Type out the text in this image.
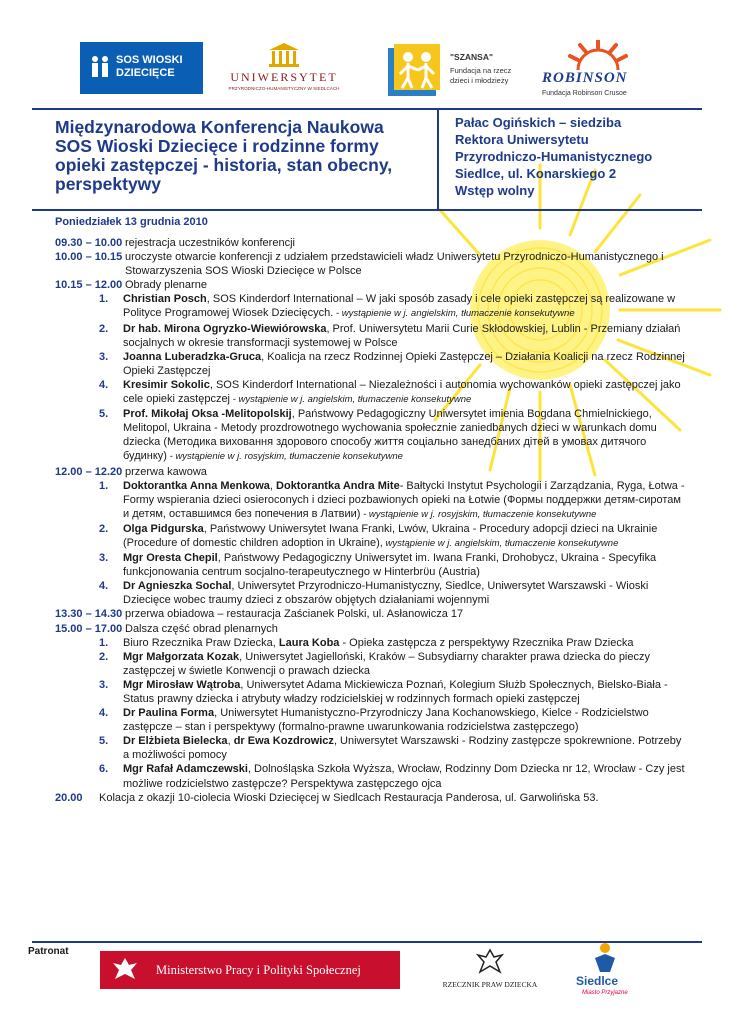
SOS WIOSKI DZIECIĘCE	UNIWERSYTET
PRZYRODNICZO-HUMANISTYCZNY W SIEDLCACH
"SZANSA"
Fundacja na rzecz dzieci i młodzieży	ROBINSON
Fundacja Robinson Crusoe
Międzynarodowa Konferencja Naukowa SOS Wioski Dziecięce i rodzinne formy opieki zastępczej - historia, stan obecny, perspektywy
Pałac Ogińskich – siedziba
Rektora Uniwersytetu
Przyrodniczo-Humanistycznego
Siedlce, ul. Konarskiego 2
Wstęp wolny
Poniedziałek 13 grudnia 2010
09.30 – 10.00 rejestracja uczestników konferencji
10.00 – 10.15 uroczyste otwarcie konferencji z udziałem przedstawicieli władz Uniwersytetu Przyrodniczo-Humanistycznego i Stowarzyszenia SOS Wioski Dziecięce w Polsce
10.15 – 12.00 Obrady plenarne
1.	Christian Posch, SOS Kinderdorf International – W jaki sposób zasady i cele opieki zastępczej są realizowane w Polityce Programowej Wiosek Dziecięcych. - wystąpienie w j. angielskim, tłumaczenie konsekutywne
2.	Dr hab. Mirona Ogryzko-Wiewiórowska, Prof. Uniwersytetu Marii Curie Skłodowskiej, Lublin - Przemiany działań socjalnych w okresie transformacji systemowej w Polsce
3.	Joanna Luberadzka-Gruca, Koalicja na rzecz Rodzinnej Opieki Zastępczej – Działania Koalicji na rzecz Rodzinnej Opieki Zastępczej
4.	Kresimir Sokolic, SOS Kinderdorf International – Niezależności i autonomia wychowanków opieki zastępczej jako cele opieki zastępczej - wystąpienie w j. angielskim, tłumaczenie konsekutywne
5.	Prof. Mikołaj Oksa -Melitopolskij, Państwowy Pedagogiczny Uniwersytet imienia Bogdana Chmielnickiego, Melitopol, Ukraina - Metody prozdrowotnego wychowania społecznie zaniedbanych dzieci w warunkach domu dziecka (Методика виховання здорового способу життя соціально занедбаних дітей в умовах дитячого будинку) - wystąpienie w j. rosyjskim, tłumaczenie konsekutywne
12.00 – 12.20 przerwa kawowa
1.	Doktorantka Anna Menkowa, Doktorantka Andra Mite- Bałtycki Instytut Psychologii i Zarządzania, Ryga, Łotwa - Formy wspierania dzieci osieroconych i dzieci pozbawionych opieki na Łotwie (Формы поддержки детям-сиротам и детям, оставшимся без попечения в Латвии) - wystąpienie w j. rosyjskim, tłumaczenie konsekutywne
2.	Olga Pidgurska, Państwowy Uniwersytet Iwana Franki, Lwów, Ukraina - Procedury adopcji dzieci na Ukrainie (Procedure of domestic children adoption in Ukraine), wystąpienie w j. angielskim, tłumaczenie konsekutywne
3.	Mgr Oresta Chepil, Państwowy Pedagogiczny Uniwersytet im. Iwana Franki, Drohobycz, Ukraina - Specyfika funkcjonowania centrum socjalno-terapeutycznego w Hinterbrϋu (Austria)
4.	Dr Agnieszka Sochal, Uniwersytet Przyrodniczo-Humanistyczny, Siedlce, Uniwersytet Warszawski - Wioski Dziecięce wobec traumy dzieci z obszarów objętych działaniami wojennymi
13.30 – 14.30 przerwa obiadowa – restauracja Zaścianek Polski, ul. Asłanowicza 17
15.00 – 17.00 Dalsza część obrad plenarnych
1.	Biuro Rzecznika Praw Dziecka, Laura Koba - Opieka zastępcza z perspektywy Rzecznika Praw Dziecka
2.	Mgr Małgorzata Kozak, Uniwersytet Jagielloński, Kraków – Subsydiarny charakter prawa dziecka do pieczy zastępczej w świetle Konwencji o prawach dziecka
3.	Mgr Mirosław Wątroba, Uniwersytet Adama Mickiewicza Poznań, Kolegium Służb Społecznych, Bielsko-Biała - Status prawny dziecka i atrybuty władzy rodzicielskiej w rodzinnych formach opieki zastępczej
4.	Dr Paulina Forma, Uniwersytet Humanistyczno-Przyrodniczy Jana Kochanowskiego, Kielce - Rodzicielstwo zastępcze – stan i perspektywy (formalno-prawne uwarunkowania rodzicielstwa zastępczego)
5.	Dr Elżbieta Bielecka, dr Ewa Kozdrowicz, Uniwersytet Warszawski - Rodziny zastępcze spokrewnione. Potrzeby a możliwości pomocy
6.	Mgr Rafał Adamczewski, Dolnośląska Szkoła Wyższa, Wrocław, Rodzinny Dom Dziecka nr 12, Wrocław - Czy jest możliwe rodzicielstwo zastępcze? Perspektywa zastępczego ojca
20.00	Kolacja z okazji 10-ciolecia Wioski Dziecięcej w Siedlcach Restauracja Panderosa, ul. Garwolińska 53.
Patronat
Ministerstwo Pracy i Polityki Społecznej
RZECZNIK PRAW DZIECKA	Siedlce
Miasto Przyjazne
